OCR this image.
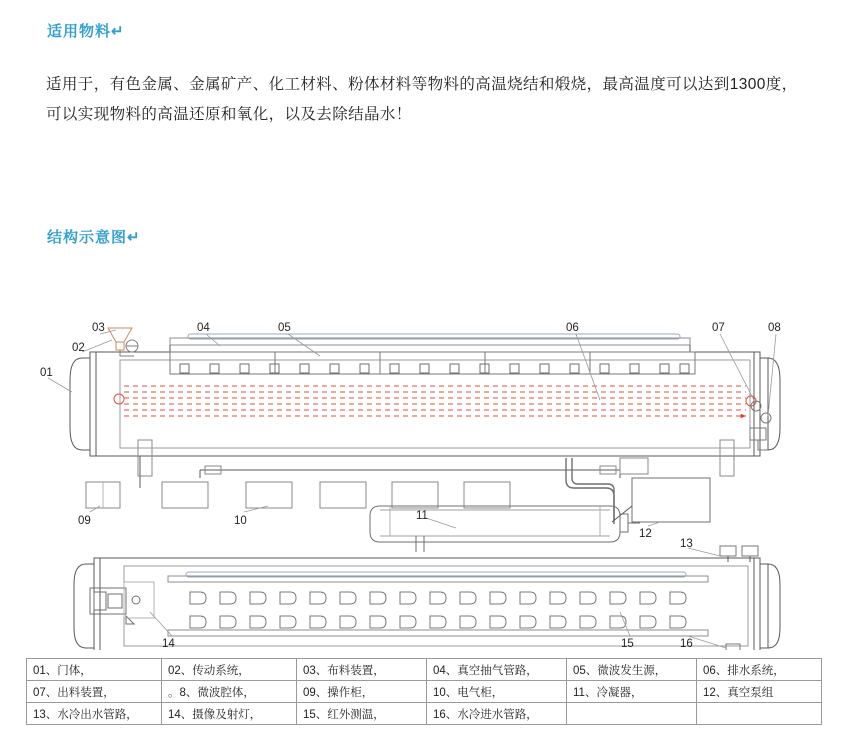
适用物料↵
适用于，有色金属、金属矿产、化工材料、粉体材料等物料的高温烧结和煅烧，最高温度可以达到1300度，可以实现物料的高温还原和氧化，以及去除结晶水！
结构示意图↵
01
02
03	04	05	06	07	08
09	10	11
12
13
14	15	16
01、门体，	02、传动系统，	03、布料装置，	04、真空抽气管路，	05、微波发生源，	06、排水系统，
07、出料装置，	。8、微波腔体，	09、操作柜，	10、电气柜，	11、冷凝器，	12、真空泵组
13、水冷出水管路，	14、摄像及射灯，	15、红外测温，	16、水冷进水管路，		
